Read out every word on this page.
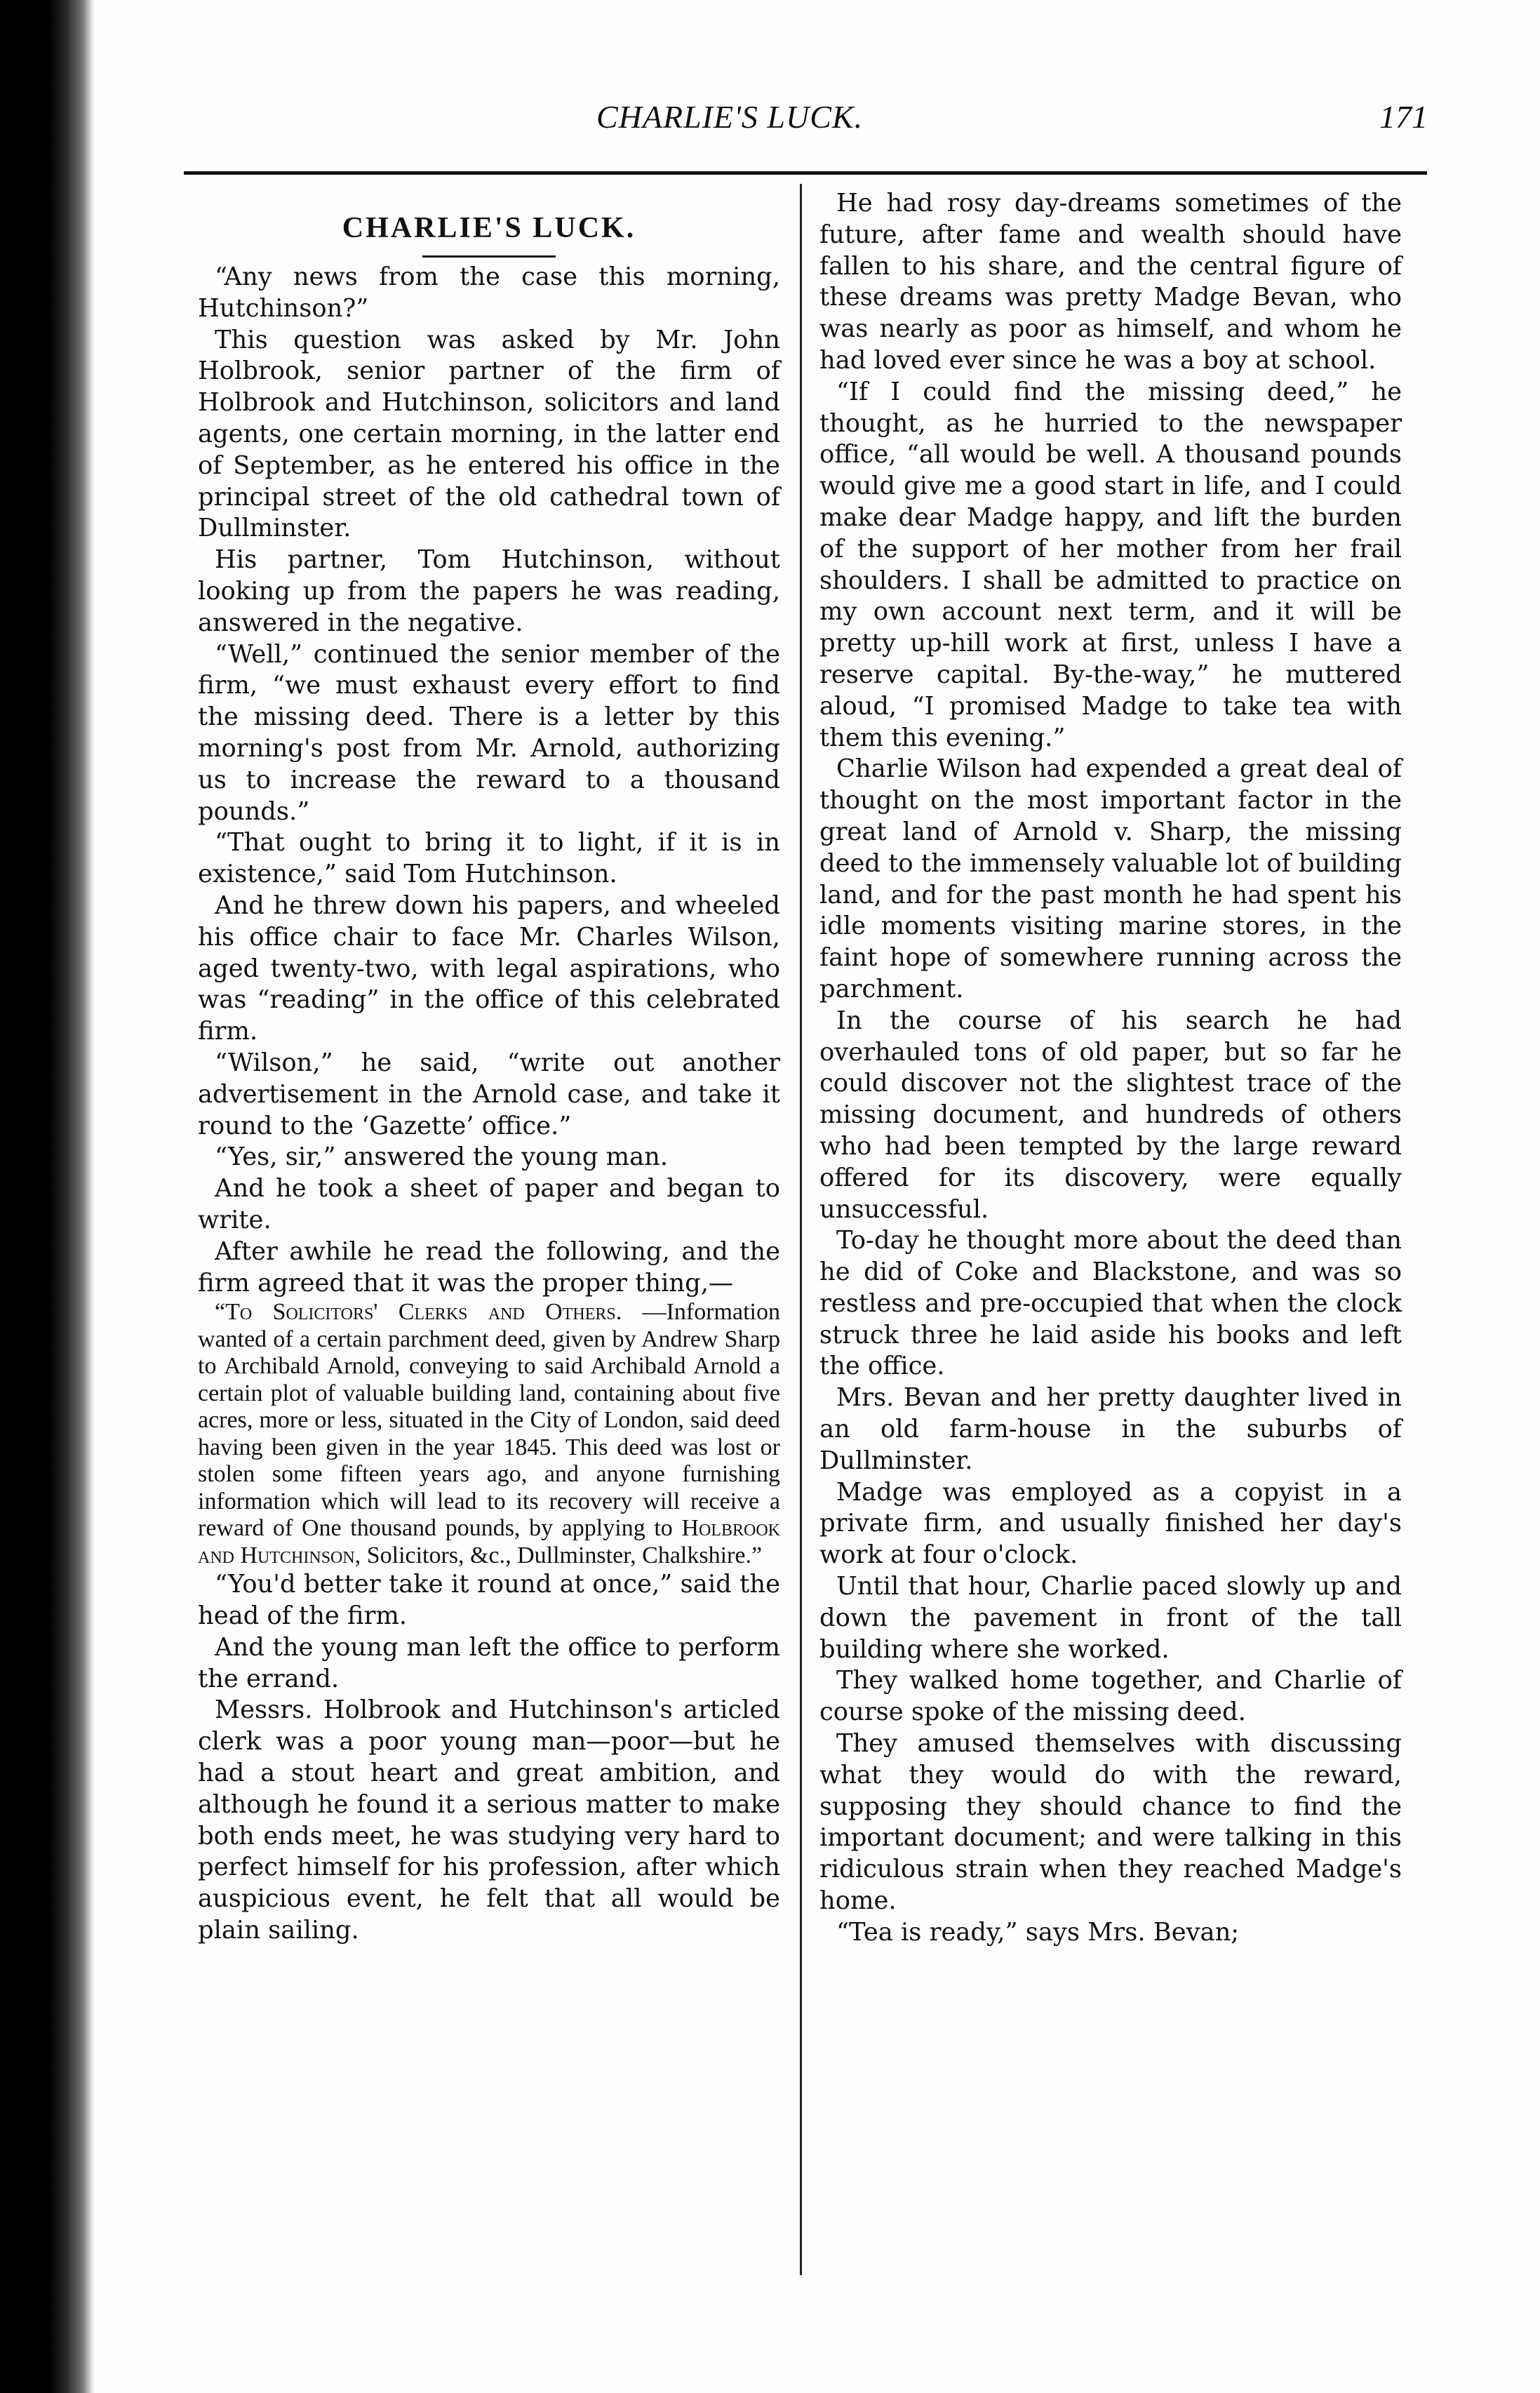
CHARLIE'S LUCK.	171
CHARLIE'S LUCK.

“Any news from the case this morning, Hutchinson?”

This question was asked by Mr. John Holbrook, senior partner of the firm of Holbrook and Hutchinson, solicitors and land agents, one certain morning, in the latter end of September, as he entered his office in the principal street of the old cathedral town of Dullminster.

His partner, Tom Hutchinson, without looking up from the papers he was reading, answered in the negative.

“Well,” continued the senior member of the firm, “we must exhaust every effort to find the missing deed. There is a letter by this morning's post from Mr. Arnold, authorizing us to increase the reward to a thousand pounds.”

“That ought to bring it to light, if it is in existence,” said Tom Hutchinson.

And he threw down his papers, and wheeled his office chair to face Mr. Charles Wilson, aged twenty-two, with legal aspirations, who was “reading” in the office of this celebrated firm.

“Wilson,” he said, “write out another advertisement in the Arnold case, and take it round to the ‘Gazette’ office.”

“Yes, sir,” answered the young man.

And he took a sheet of paper and began to write.

After awhile he read the following, and the firm agreed that it was the proper thing,—

“To Solicitors' Clerks and Others. —Information wanted of a certain parchment deed, given by Andrew Sharp to Archibald Arnold, conveying to said Archibald Arnold a certain plot of valuable building land, containing about five acres, more or less, situated in the City of London, said deed having been given in the year 1845. This deed was lost or stolen some fifteen years ago, and anyone furnishing information which will lead to its recovery will receive a reward of One thousand pounds, by applying to Holbrook and Hutchinson, Solicitors, &c., Dullminster, Chalkshire.”

“You'd better take it round at once,” said the head of the firm.

And the young man left the office to perform the errand.

Messrs. Holbrook and Hutchinson's articled clerk was a poor young man—poor—but he had a stout heart and great ambition, and although he found it a serious matter to make both ends meet, he was studying very hard to perfect himself for his profession, after which auspicious event, he felt that all would be plain sailing.

He had rosy day-dreams sometimes of the future, after fame and wealth should have fallen to his share, and the central figure of these dreams was pretty Madge Bevan, who was nearly as poor as himself, and whom he had loved ever since he was a boy at school.

“If I could find the missing deed,” he thought, as he hurried to the newspaper office, “all would be well. A thousand pounds would give me a good start in life, and I could make dear Madge happy, and lift the burden of the support of her mother from her frail shoulders. I shall be admitted to practice on my own account next term, and it will be pretty up-hill work at first, unless I have a reserve capital. By-the-way,” he muttered aloud, “I promised Madge to take tea with them this evening.”

Charlie Wilson had expended a great deal of thought on the most important factor in the great land of Arnold v. Sharp, the missing deed to the immensely valuable lot of building land, and for the past month he had spent his idle moments visiting marine stores, in the faint hope of somewhere running across the parchment.

In the course of his search he had overhauled tons of old paper, but so far he could discover not the slightest trace of the missing document, and hundreds of others who had been tempted by the large reward offered for its discovery, were equally unsuccessful.

To-day he thought more about the deed than he did of Coke and Blackstone, and was so restless and pre-occupied that when the clock struck three he laid aside his books and left the office.

Mrs. Bevan and her pretty daughter lived in an old farm-house in the suburbs of Dullminster.

Madge was employed as a copyist in a private firm, and usually finished her day's work at four o'clock.

Until that hour, Charlie paced slowly up and down the pavement in front of the tall building where she worked.

They walked home together, and Charlie of course spoke of the missing deed.

They amused themselves with discussing what they would do with the reward, supposing they should chance to find the important document; and were talking in this ridiculous strain when they reached Madge's home.

“Tea is ready,” says Mrs. Bevan;
